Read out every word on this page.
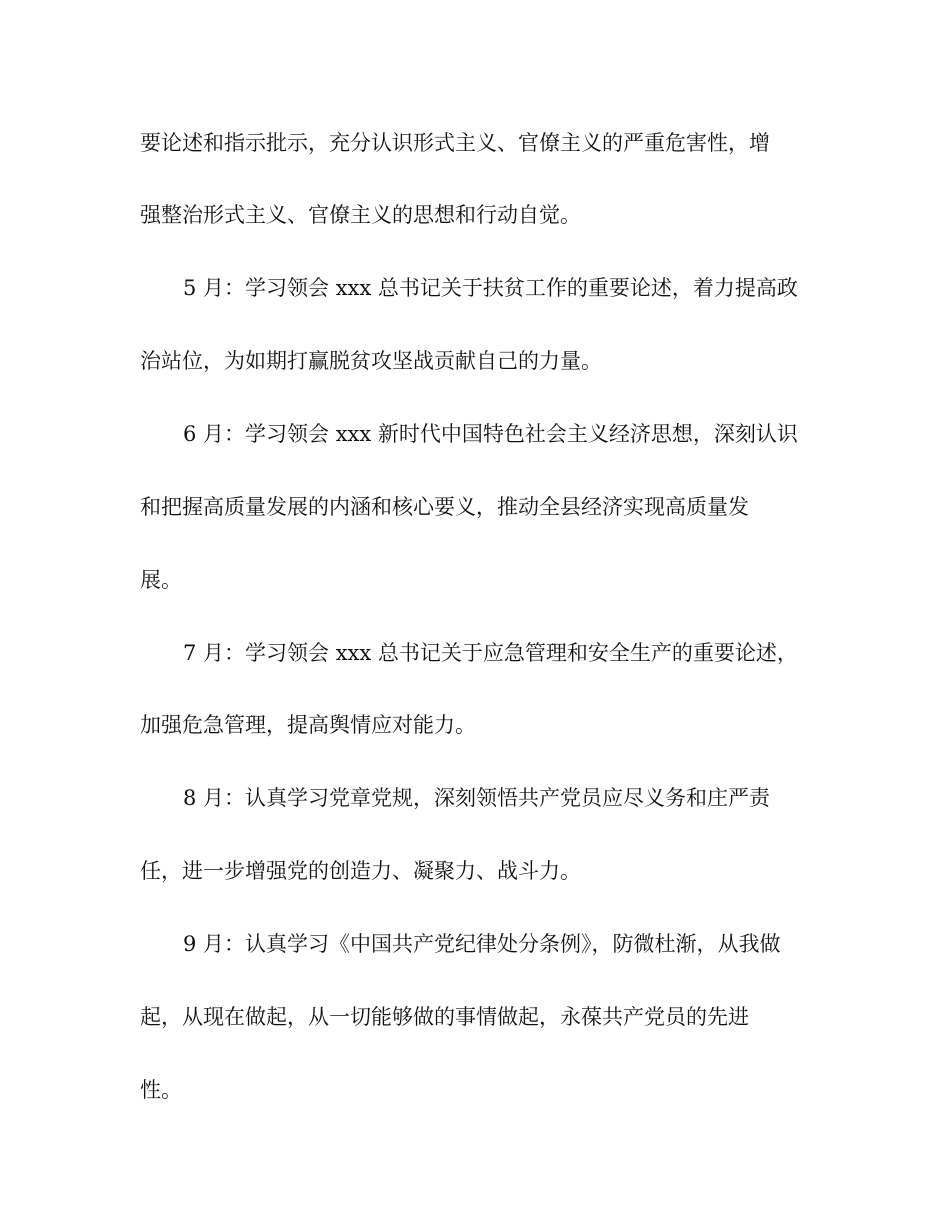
要论述和指示批示，充分认识形式主义、官僚主义的严重危害性，增
强整治形式主义、官僚主义的思想和行动自觉。
5 月：学习领会 xxx 总书记关于扶贫工作的重要论述，着力提高政
治站位，为如期打赢脱贫攻坚战贡献自己的力量。
6 月：学习领会 xxx 新时代中国特色社会主义经济思想，深刻认识
和把握高质量发展的内涵和核心要义，推动全县经济实现高质量发
展。
7 月：学习领会 xxx 总书记关于应急管理和安全生产的重要论述，
加强危急管理，提高舆情应对能力。
8 月：认真学习党章党规，深刻领悟共产党员应尽义务和庄严责
任，进一步增强党的创造力、凝聚力、战斗力。
9 月：认真学习《中国共产党纪律处分条例》，防微杜渐，从我做
起，从现在做起，从一切能够做的事情做起，永葆共产党员的先进
性。
